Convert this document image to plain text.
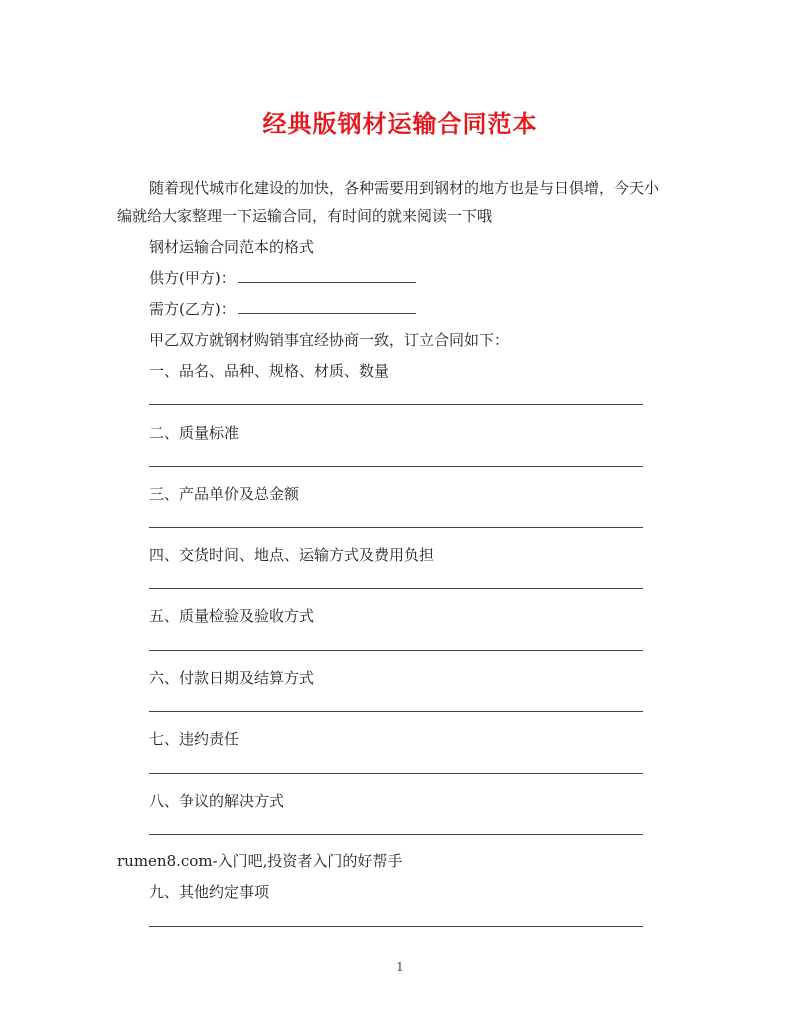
经典版钢材运输合同范本
随着现代城市化建设的加快，各种需要用到钢材的地方也是与日俱增，今天小
编就给大家整理一下运输合同，有时间的就来阅读一下哦
钢材运输合同范本的格式
供方(甲方)：
需方(乙方)：
甲乙双方就钢材购销事宜经协商一致，订立合同如下：
一、品名、品种、规格、材质、数量
二、质量标准
三、产品单价及总金额
四、交货时间、地点、运输方式及费用负担
五、质量检验及验收方式
六、付款日期及结算方式
七、违约责任
八、争议的解决方式
rumen8.com-入门吧,投资者入门的好帮手
九、其他约定事项
1
